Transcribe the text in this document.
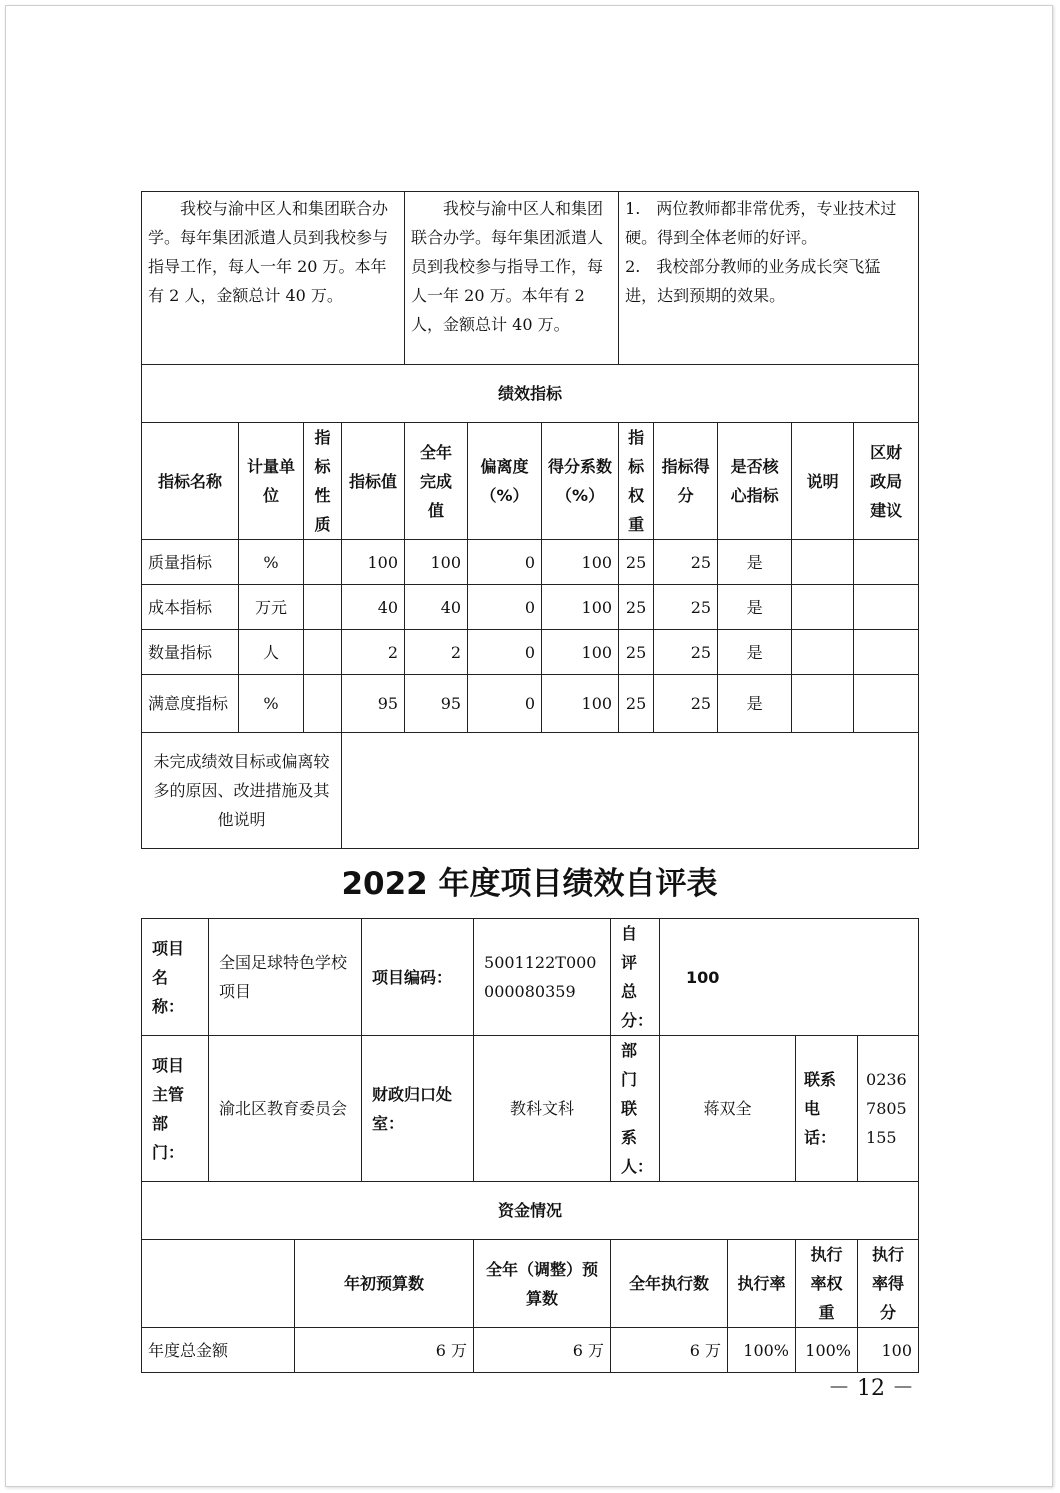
我校与渝中区人和集团联合办学。每年集团派遣人员到我校参与指导工作，每人一年 20 万。本年有 2 人，金额总计 40 万。				我校与渝中区人和集团联合办学。每年集团派遣人员到我校参与指导工作，每人一年 20 万。本年有 2 人，金额总计 40 万。			1.　两位教师都非常优秀，专业技术过硬。得到全体老师的好评。
2.　我校部分教师的业务成长突飞猛进，达到预期的效果。				

绩效指标											
指标名称	计量单位	指标性质	指标值	全年完成值	偏离度（%）	得分系数（%）	指标权重	指标得分	是否核心指标	说明	区财政局建议
质量指标	%		100	100	0	100	25	25	是		
成本指标	万元		40	40	0	100	25	25	是		
数量指标	人		2	2	0	100	25	25	是		
满意度指标	%		95	95	0	100	25	25	是		
未完成绩效目标或偏离较多的原因、改进措施及其他说明											
2022 年度项目绩效自评表
项目名称：	全国足球特色学校项目		项目编码：	5001122T000000080359	自评总分：	100			
项目主管部门：	渝北区教育委员会		财政归口处室：	教科文科	部门联系人：	蒋双全		联系电话：	02367805155
资金情况									
		年初预算数		全年（调整）预算数	全年执行数		执行率	执行率权重	执行率得分
年度总金额		6 万		6 万	6 万		100%	100%	100
－ 12 －
